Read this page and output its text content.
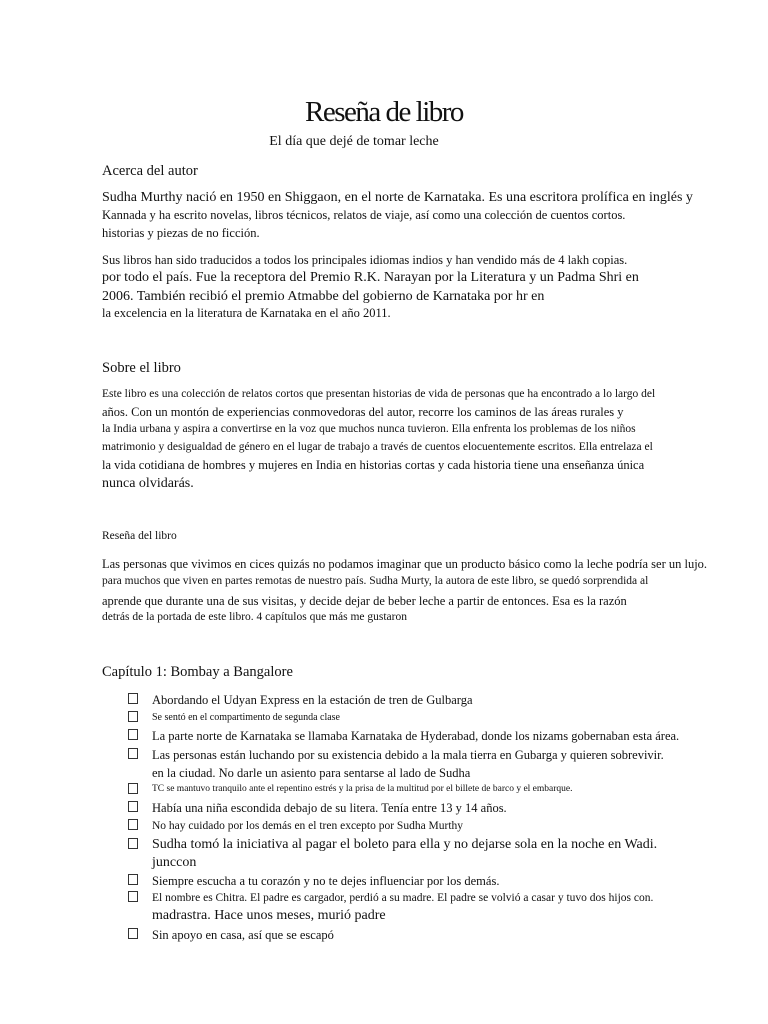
Reseña de libro
El día que dejé de tomar leche
Acerca del autor
Sudha Murthy nació en 1950 en Shiggaon, en el norte de Karnataka. Es una escritora prolífica en inglés y
Kannada y ha escrito novelas, libros técnicos, relatos de viaje, así como una colección de cuentos cortos.
historias y piezas de no ficción.
Sus libros han sido traducidos a todos los principales idiomas indios y han vendido más de 4 lakh copias.
por todo el país. Fue la receptora del Premio R.K. Narayan por la Literatura y un Padma Shri en
2006. También recibió el premio Atmabbe del gobierno de Karnataka por hr en
la excelencia en la literatura de Karnataka en el año 2011.
Sobre el libro
Este libro es una colección de relatos cortos que presentan historias de vida de personas que ha encontrado a lo largo del
años. Con un montón de experiencias conmovedoras del autor, recorre los caminos de las áreas rurales y
la India urbana y aspira a convertirse en la voz que muchos nunca tuvieron. Ella enfrenta los problemas de los niños
matrimonio y desigualdad de género en el lugar de trabajo a través de cuentos elocuentemente escritos. Ella entrelaza el
la vida cotidiana de hombres y mujeres en India en historias cortas y cada historia tiene una enseñanza única
nunca olvidarás.
Reseña del libro
Las personas que vivimos en cices quizás no podamos imaginar que un producto básico como la leche podría ser un lujo.
para muchos que viven en partes remotas de nuestro país. Sudha Murty, la autora de este libro, se quedó sorprendida al
aprende que durante una de sus visitas, y decide dejar de beber leche a partir de entonces. Esa es la razón
detrás de la portada de este libro. 4 capítulos que más me gustaron
Capítulo 1: Bombay a Bangalore
Abordando el Udyan Express en la estación de tren de Gulbarga
Se sentó en el compartimento de segunda clase
La parte norte de Karnataka se llamaba Karnataka de Hyderabad, donde los nizams gobernaban esta área.
Las personas están luchando por su existencia debido a la mala tierra en Gubarga y quieren sobrevivir.
en la ciudad. No darle un asiento para sentarse al lado de Sudha
TC se mantuvo tranquilo ante el repentino estrés y la prisa de la multitud por el billete de barco y el embarque.
Había una niña escondida debajo de su litera. Tenía entre 13 y 14 años.
No hay cuidado por los demás en el tren excepto por Sudha Murthy
Sudha tomó la iniciativa al pagar el boleto para ella y no dejarse sola en la noche en Wadi.
junccon
Siempre escucha a tu corazón y no te dejes influenciar por los demás.
El nombre es Chitra. El padre es cargador, perdió a su madre. El padre se volvió a casar y tuvo dos hijos con.
madrastra. Hace unos meses, murió padre
Sin apoyo en casa, así que se escapó
